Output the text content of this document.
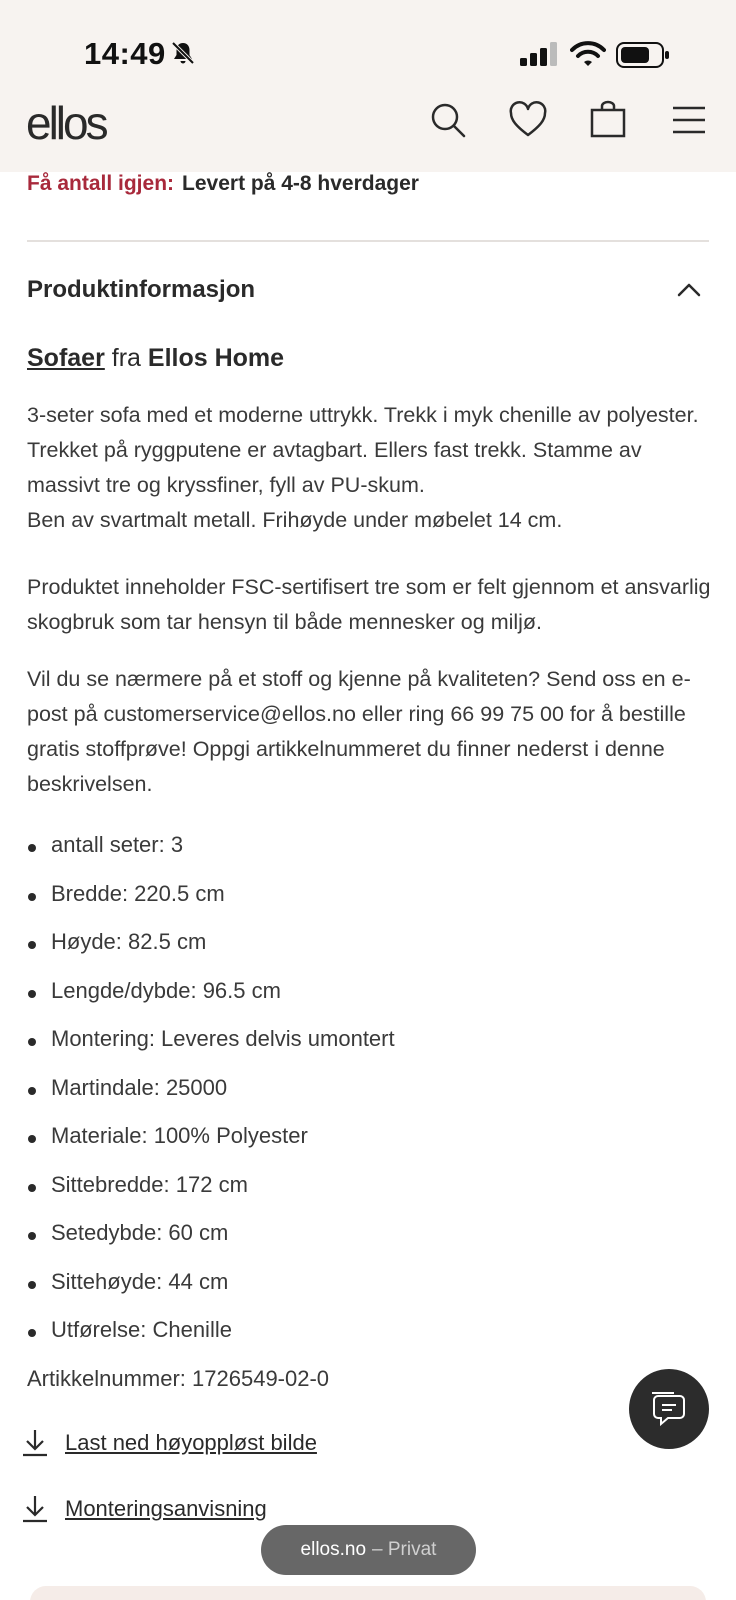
14:49
ellos
Få antall igjen: Levert på 4-8 hverdager
Produktinformasjon
Sofaer fra Ellos Home
3-seter sofa med et moderne uttrykk. Trekk i myk chenille av polyester. Trekket på ryggputene er avtagbart. Ellers fast trekk. Stamme av massivt tre og kryssfiner, fyll av PU-skum.
Ben av svartmalt metall. Frihøyde under møbelet 14 cm.
Produktet inneholder FSC-sertifisert tre som er felt gjennom et ansvarlig skogbruk som tar hensyn til både mennesker og miljø.
Vil du se nærmere på et stoff og kjenne på kvaliteten? Send oss en e-post på customerservice@ellos.no eller ring 66 99 75 00 for å bestille gratis stoffprøve! Oppgi artikkelnummeret du finner nederst i denne beskrivelsen.
antall seter: 3
Bredde: 220.5 cm
Høyde: 82.5 cm
Lengde/dybde: 96.5 cm
Montering: Leveres delvis umontert
Martindale: 25000
Materiale: 100% Polyester
Sittebredde: 172 cm
Setedybde: 60 cm
Sittehøyde: 44 cm
Utførelse: Chenille
Artikkelnummer: 1726549-02-0
Last ned høyoppløst bilde
Monteringsanvisning
ellos.no – Privat
